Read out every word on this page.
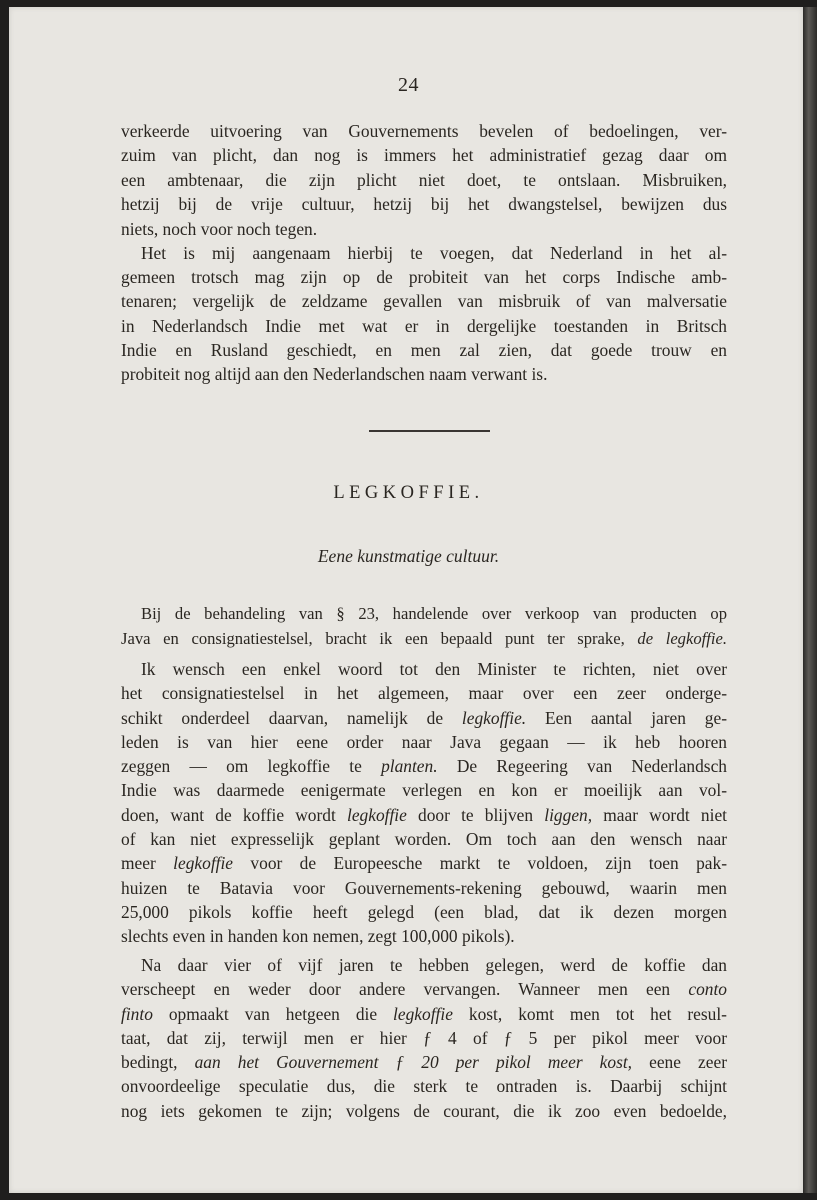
24
verkeerde uitvoering van Gouvernements bevelen of bedoelingen, ver-
zuim van plicht, dan nog is immers het administratief gezag daar om
een ambtenaar, die zijn plicht niet doet, te ontslaan. Misbruiken,
hetzij bij de vrije cultuur, hetzij bij het dwangstelsel, bewijzen dus
niets, noch voor noch tegen.
Het is mij aangenaam hierbij te voegen, dat Nederland in het al-
gemeen trotsch mag zijn op de probiteit van het corps Indische amb-
tenaren; vergelijk de zeldzame gevallen van misbruik of van malversatie
in Nederlandsch Indie met wat er in dergelijke toestanden in Britsch
Indie en Rusland geschiedt, en men zal zien, dat goede trouw en
probiteit nog altijd aan den Nederlandschen naam verwant is.
LEGKOFFIE.
Eene kunstmatige cultuur.
Bij de behandeling van § 23, handelende over verkoop van producten op
Java en consignatiestelsel, bracht ik een bepaald punt ter sprake, de legkoffie.
Ik wensch een enkel woord tot den Minister te richten, niet over
het consignatiestelsel in het algemeen, maar over een zeer onderge-
schikt onderdeel daarvan, namelijk de legkoffie. Een aantal jaren ge-
leden is van hier eene order naar Java gegaan — ik heb hooren
zeggen — om legkoffie te planten. De Regeering van Nederlandsch
Indie was daarmede eenigermate verlegen en kon er moeilijk aan vol-
doen, want de koffie wordt legkoffie door te blijven liggen, maar wordt niet
of kan niet expresselijk geplant worden. Om toch aan den wensch naar
meer legkoffie voor de Europeesche markt te voldoen, zijn toen pak-
huizen te Batavia voor Gouvernements-rekening gebouwd, waarin men
25,000 pikols koffie heeft gelegd (een blad, dat ik dezen morgen
slechts even in handen kon nemen, zegt 100,000 pikols).
Na daar vier of vijf jaren te hebben gelegen, werd de koffie dan
verscheept en weder door andere vervangen. Wanneer men een conto
finto opmaakt van hetgeen die legkoffie kost, komt men tot het resul-
taat, dat zij, terwijl men er hier ƒ 4 of ƒ 5 per pikol meer voor
bedingt, aan het Gouvernement ƒ 20 per pikol meer kost, eene zeer
onvoordeelige speculatie dus, die sterk te ontraden is. Daarbij schijnt
nog iets gekomen te zijn; volgens de courant, die ik zoo even bedoelde,
